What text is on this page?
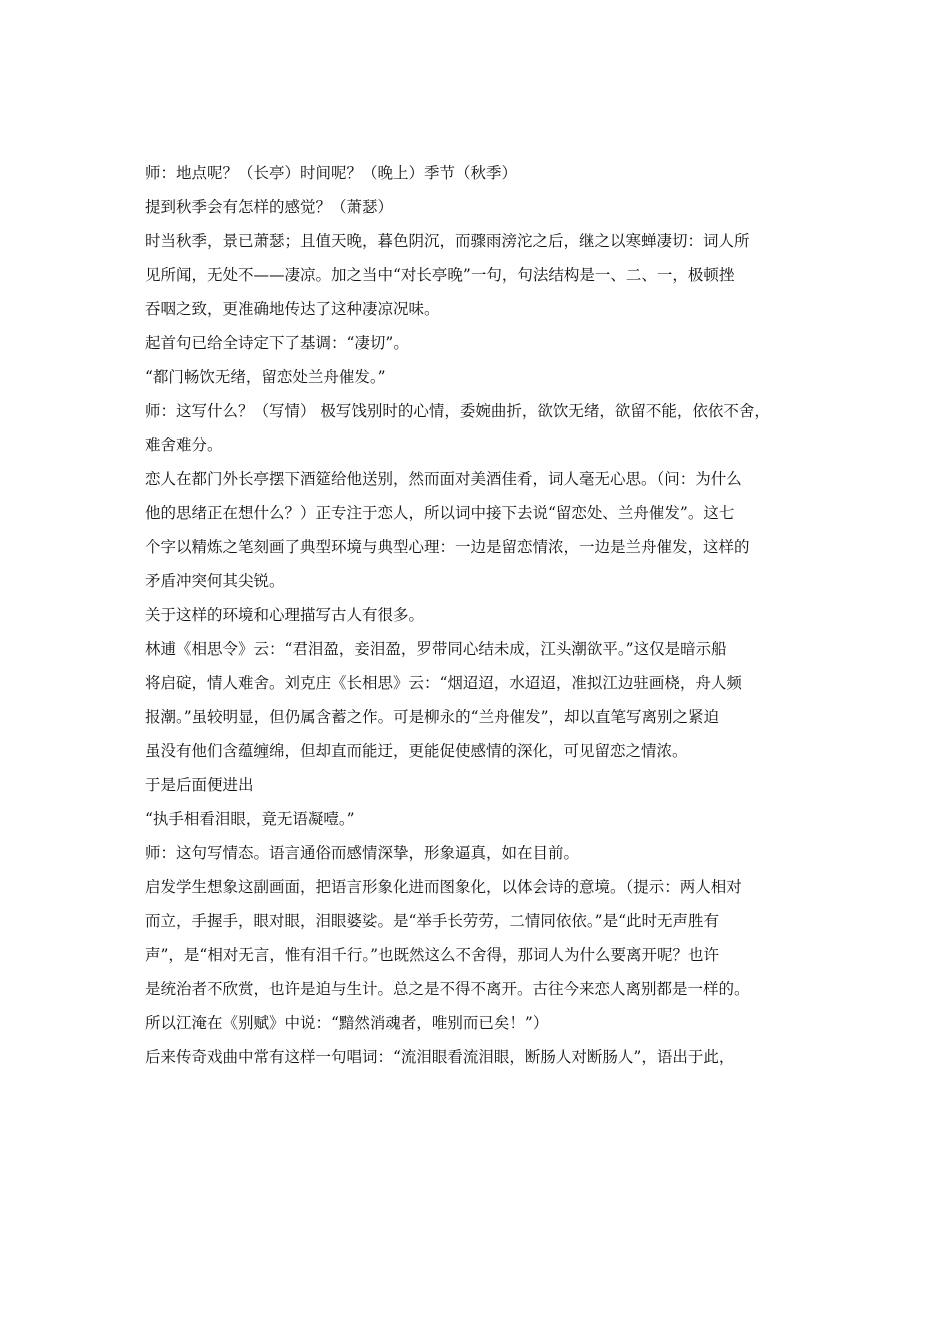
师：地点呢？（长亭）时间呢？（晚上）季节（秋季）
提到秋季会有怎样的感觉？（萧瑟）
时当秋季，景已萧瑟；且值天晚，暮色阴沉，而骤雨滂沱之后，继之以寒蝉凄切：词人所
见所闻，无处不——凄凉。加之当中“对长亭晚”一句，句法结构是一、二、一，极顿挫
吞咽之致，更准确地传达了这种凄凉况味。
起首句已给全诗定下了基调：“凄切”。
“都门畅饮无绪，留恋处兰舟催发。”
师：这写什么？（写情） 极写饯别时的心情，委婉曲折，欲饮无绪，欲留不能，依依不舍，
难舍难分。
恋人在都门外长亭摆下酒筵给他送别，然而面对美酒佳肴，词人毫无心思。（问：为什么
他的思绪正在想什么？）正专注于恋人，所以词中接下去说“留恋处、兰舟催发”。这七
个字以精炼之笔刻画了典型环境与典型心理：一边是留恋情浓，一边是兰舟催发，这样的
矛盾冲突何其尖锐。
关于这样的环境和心理描写古人有很多。
林逋《相思令》云：“君泪盈，妾泪盈，罗带同心结未成，江头潮欲平。”这仅是暗示船
将启碇，情人难舍。刘克庄《长相思》云：“烟迢迢，水迢迢，准拟江边驻画桡，舟人频
报潮。”虽较明显，但仍属含蓄之作。可是柳永的“兰舟催发”，却以直笔写离别之紧迫
虽没有他们含蕴缠绵，但却直而能迂，更能促使感情的深化，可见留恋之情浓。
于是后面便进出
“执手相看泪眼，竟无语凝噎。”
师：这句写情态。语言通俗而感情深挚，形象逼真，如在目前。
启发学生想象这副画面，把语言形象化进而图象化，以体会诗的意境。（提示：两人相对
而立，手握手，眼对眼，泪眼婆娑。是“举手长劳劳，二情同依依。”是“此时无声胜有
声”，是“相对无言，惟有泪千行。”也既然这么不舍得，那词人为什么要离开呢？也许
是统治者不欣赏，也许是迫与生计。总之是不得不离开。古往今来恋人离别都是一样的。
所以江淹在《别赋》中说：“黯然消魂者，唯别而已矣！”）
后来传奇戏曲中常有这样一句唱词：“流泪眼看流泪眼，断肠人对断肠人”，语出于此，
